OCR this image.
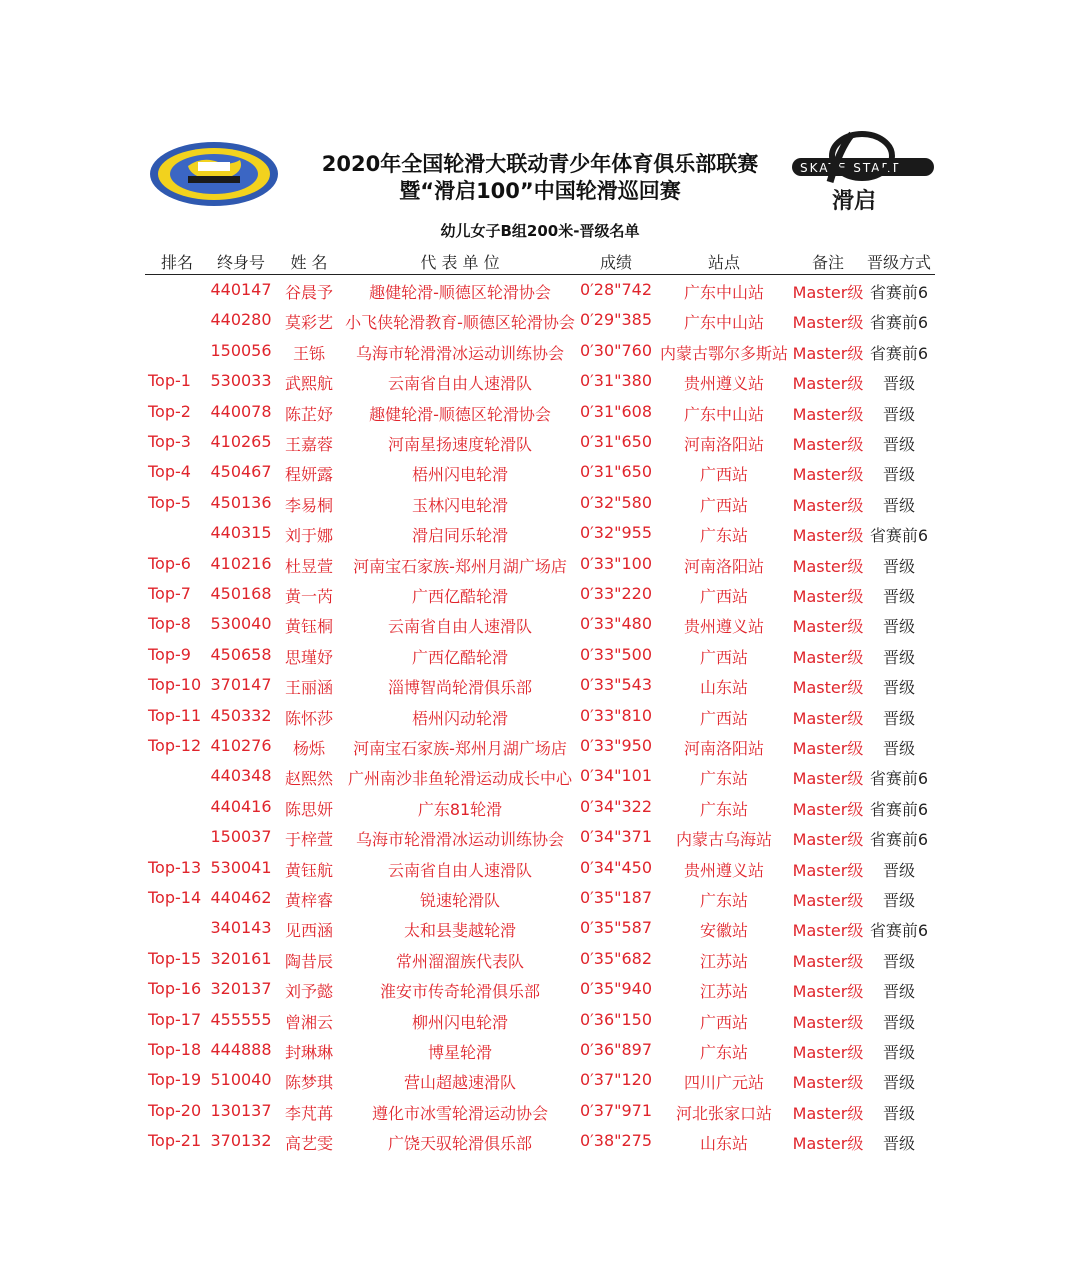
SKATE START
滑启
2020年全国轮滑大联动青少年体育俱乐部联赛
暨“滑启100”中国轮滑巡回赛
幼儿女子B组200米-晋级名单
排名 终身号 姓 名	代 表 单 位	成绩	站点	备注 晋级方式
440147 谷晨予 趣健轮滑-顺德区轮滑协会 0′28"742 广东中山站 Master级 省赛前6
440280 莫彩艺 小飞侠轮滑教育-顺德区轮滑协会 0′29"385 广东中山站 Master级 省赛前6
150056 王铄 乌海市轮滑滑冰运动训练协会 0′30"760 内蒙古鄂尔多斯站 Master级 省赛前6
Top-1 530033 武熙航	云南省自由人速滑队	0′31"380 贵州遵义站 Master级 晋级
Top-2 440078 陈芷妤 趣健轮滑-顺德区轮滑协会 0′31"608 广东中山站 Master级 晋级
Top-3 410265 王嘉蓉	河南星扬速度轮滑队	0′31"650 河南洛阳站 Master级 晋级
Top-4 450467 程妍露	梧州闪电轮滑	0′31"650	广西站	Master级 晋级
Top-5 450136 李易桐	玉林闪电轮滑	0′32"580	广西站	Master级 晋级
440315 刘于娜	滑启同乐轮滑	0′32"955	广东站	Master级 省赛前6
Top-6 410216 杜昱萱 河南宝石家族-郑州月湖广场店 0′33"100 河南洛阳站 Master级 晋级
Top-7 450168 黄一芮	广西亿酷轮滑	0′33"220	广西站	Master级 晋级
Top-8 530040 黄钰桐	云南省自由人速滑队	0′33"480 贵州遵义站 Master级 晋级
Top-9 450658 思瑾妤	广西亿酷轮滑	0′33"500	广西站	Master级 晋级
Top-10 370147 王丽涵	淄博智尚轮滑俱乐部	0′33"543	山东站	Master级 晋级
Top-11 450332 陈怀莎	梧州闪动轮滑	0′33"810	广西站	Master级 晋级
Top-12 410276 杨烁 河南宝石家族-郑州月湖广场店 0′33"950 河南洛阳站 Master级 晋级
440348 赵熙然 广州南沙非鱼轮滑运动成长中心 0′34"101	广东站	Master级 省赛前6
440416 陈思妍	广东81轮滑	0′34"322	广东站	Master级 省赛前6
150037 于梓萱 乌海市轮滑滑冰运动训练协会 0′34"371 内蒙古乌海站 Master级 省赛前6
Top-13 530041 黄钰航	云南省自由人速滑队	0′34"450 贵州遵义站 Master级 晋级
Top-14 440462 黄梓睿	锐速轮滑队	0′35"187	广东站	Master级 晋级
340143 见西涵	太和县斐越轮滑	0′35"587	安徽站	Master级 省赛前6
Top-15 320161 陶昔辰	常州溜溜族代表队	0′35"682	江苏站	Master级 晋级
Top-16 320137 刘予懿	淮安市传奇轮滑俱乐部 0′35"940	江苏站	Master级 晋级
Top-17 455555 曾湘云	柳州闪电轮滑	0′36"150	广西站	Master级 晋级
Top-18 444888 封琳琳	博星轮滑	0′36"897	广东站	Master级 晋级
Top-19 510040 陈梦琪	营山超越速滑队	0′37"120 四川广元站 Master级 晋级
Top-20 130137 李芃苒 遵化市冰雪轮滑运动协会 0′37"971 河北张家口站 Master级 晋级
Top-21 370132 高艺雯	广饶天驭轮滑俱乐部	0′38"275	山东站	Master级 晋级
